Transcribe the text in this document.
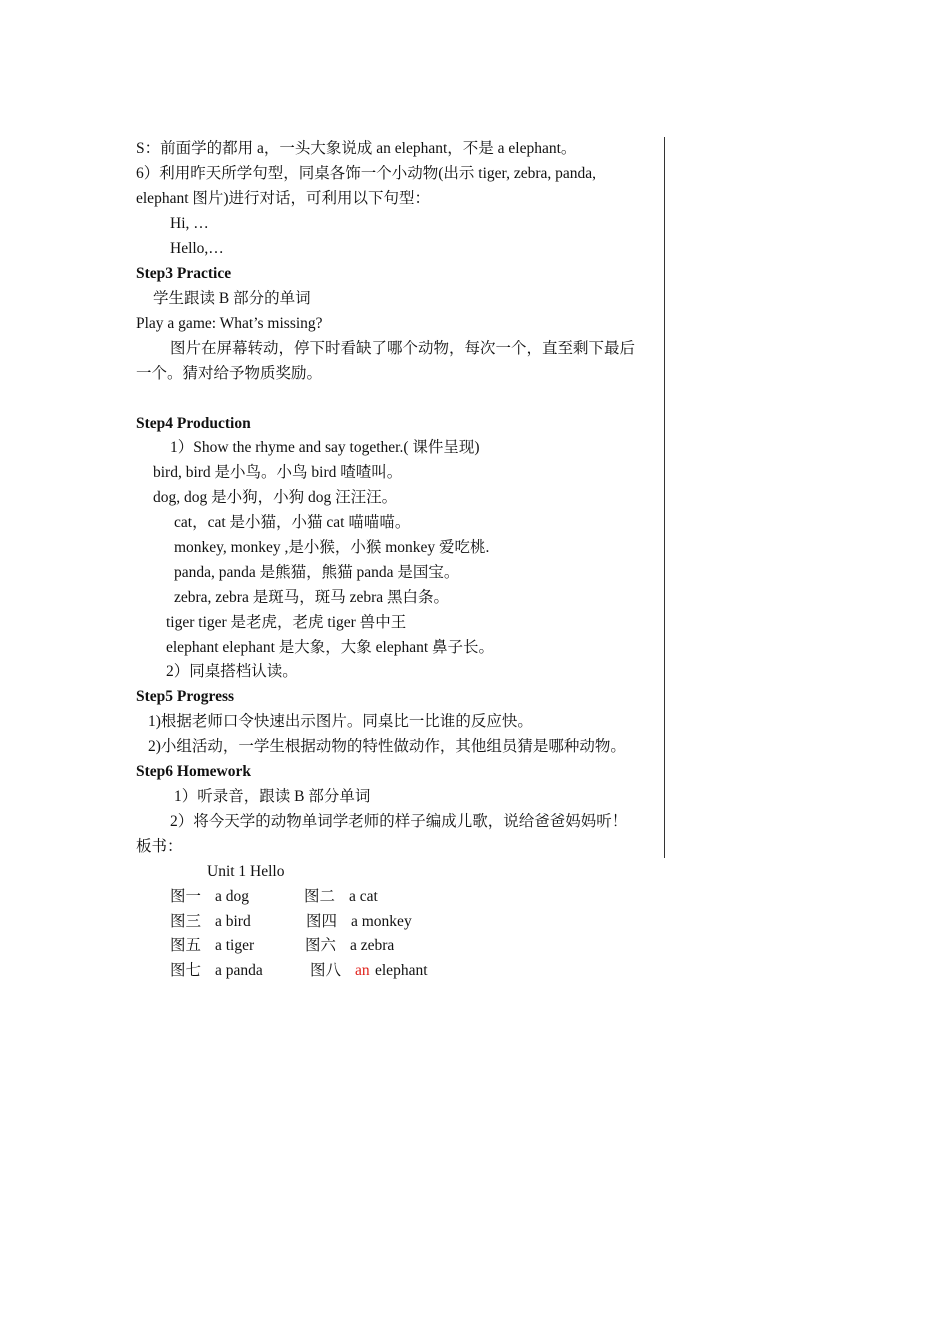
S：前面学的都用 a，一头大象说成 an elephant，不是 a elephant。
6）利用昨天所学句型，同桌各饰一个小动物(出示 tiger, zebra, panda,
elephant 图片)进行对话，可利用以下句型：
Hi, …
Hello,…
Step3 Practice
学生跟读 B 部分的单词
Play a game: What’s missing?
图片在屏幕转动，停下时看缺了哪个动物，每次一个，直至剩下最后
一个。猜对给予物质奖励。
Step4 Production
1）Show the rhyme and say together.( 课件呈现)
bird, bird 是小鸟。小鸟 bird 喳喳叫。
dog, dog 是小狗，小狗 dog 汪汪汪。
cat，cat 是小猫，小猫 cat 喵喵喵。
monkey, monkey ,是小猴，小猴 monkey 爱吃桃.
panda, panda 是熊猫，熊猫 panda 是国宝。
zebra, zebra 是斑马，斑马 zebra 黑白条。
tiger tiger 是老虎，老虎 tiger 兽中王
elephant elephant 是大象，大象 elephant 鼻子长。
2）同桌搭档认读。
Step5 Progress
1)根据老师口令快速出示图片。同桌比一比谁的反应快。
2)小组活动，一学生根据动物的特性做动作，其他组员猜是哪种动物。
Step6 Homework
1）听录音，跟读 B 部分单词
2）将今天学的动物单词学老师的样子编成儿歌，说给爸爸妈妈听！
板书：
Unit 1 Hello
图一 a dog	图二 a cat
图三 a bird	图四 a monkey
图五 a tiger	图六 a zebra
图七 a panda	图八 an elephant
